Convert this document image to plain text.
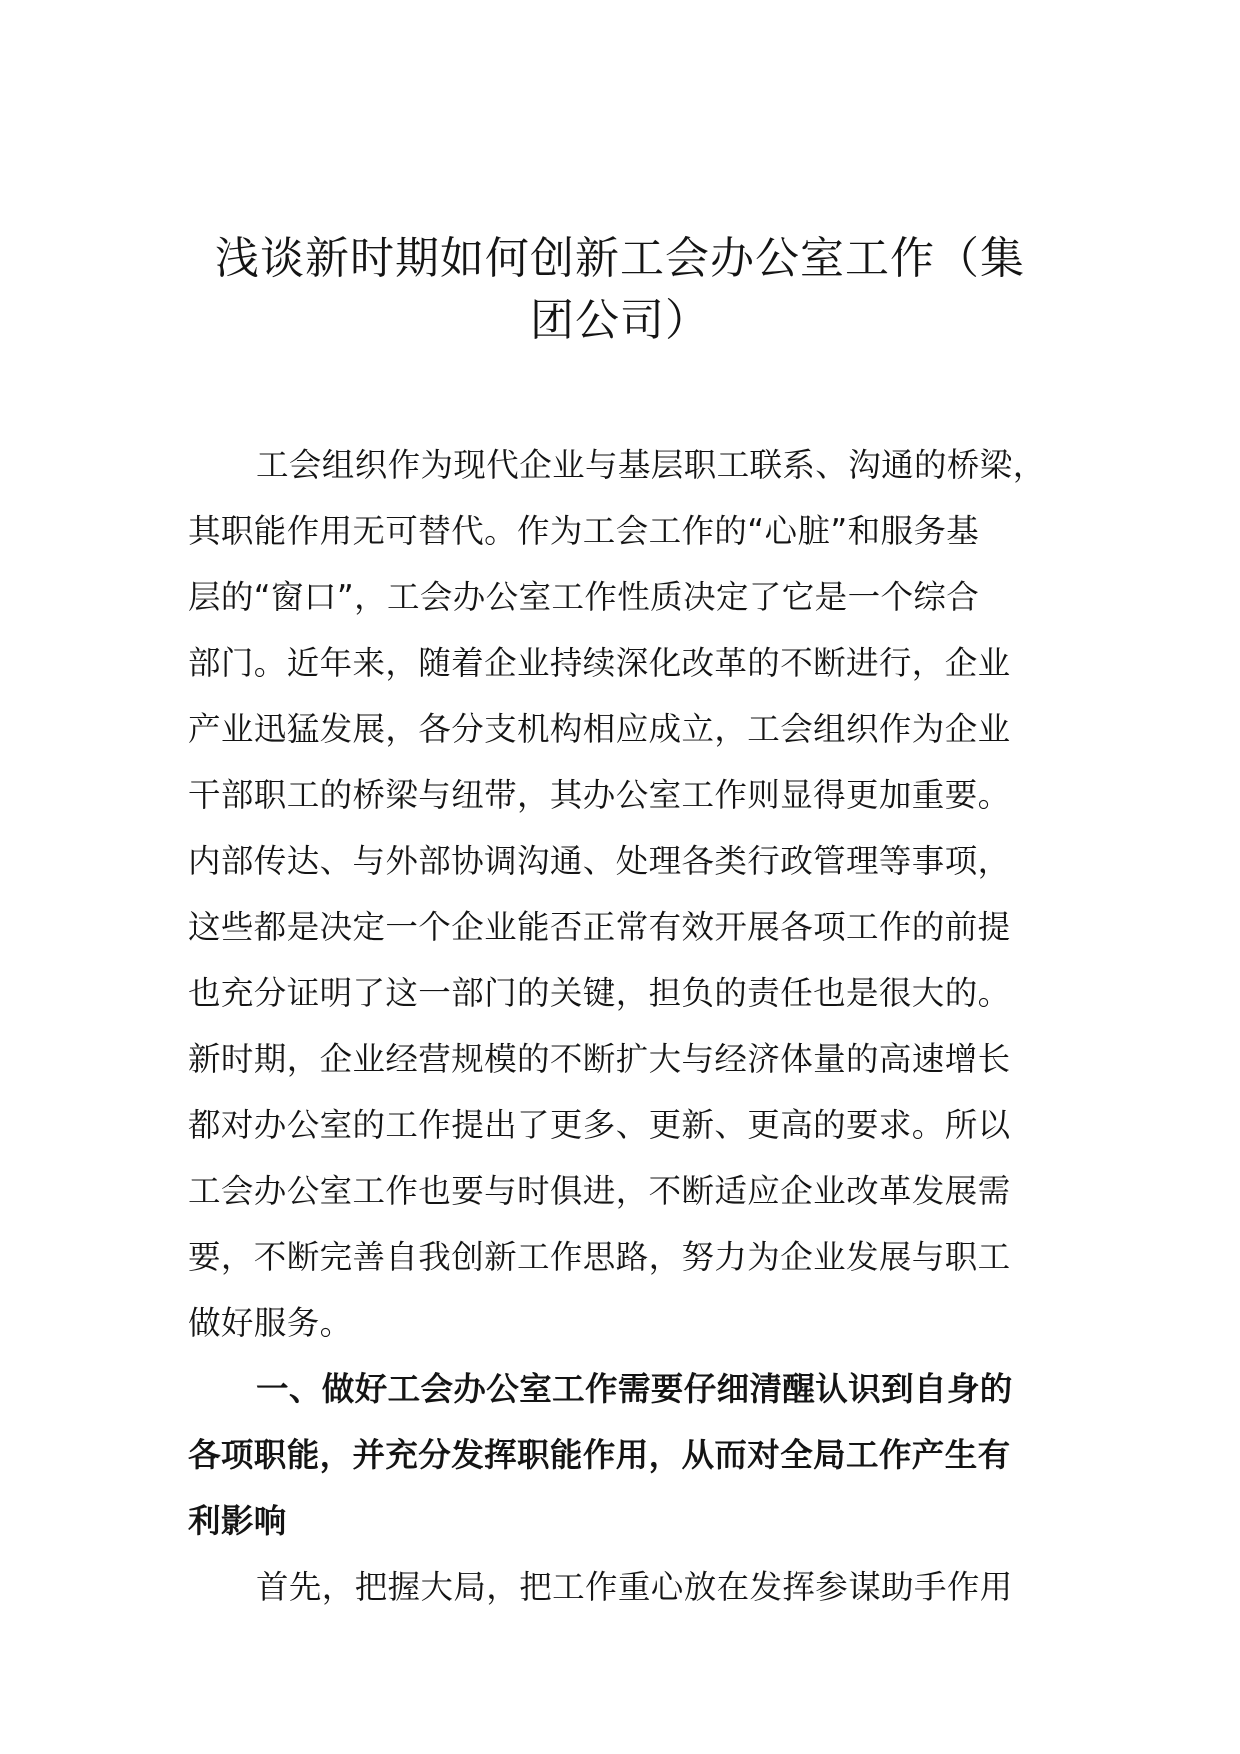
浅谈新时期如何创新工会办公室工作（集
团公司）
工会组织作为现代企业与基层职工联系、沟通的桥梁，
其职能作用无可替代。作为工会工作的“心脏”和服务基
层的“窗口”，工会办公室工作性质决定了它是一个综合
部门。近年来，随着企业持续深化改革的不断进行，企业
产业迅猛发展，各分支机构相应成立，工会组织作为企业
干部职工的桥梁与纽带，其办公室工作则显得更加重要。
内部传达、与外部协调沟通、处理各类行政管理等事项，
这些都是决定一个企业能否正常有效开展各项工作的前提
也充分证明了这一部门的关键，担负的责任也是很大的。
新时期，企业经营规模的不断扩大与经济体量的高速增长
都对办公室的工作提出了更多、更新、更高的要求。所以
工会办公室工作也要与时俱进，不断适应企业改革发展需
要，不断完善自我创新工作思路，努力为企业发展与职工
做好服务。
一、做好工会办公室工作需要仔细清醒认识到自身的
各项职能，并充分发挥职能作用，从而对全局工作产生有
利影响
首先，把握大局，把工作重心放在发挥参谋助手作用
